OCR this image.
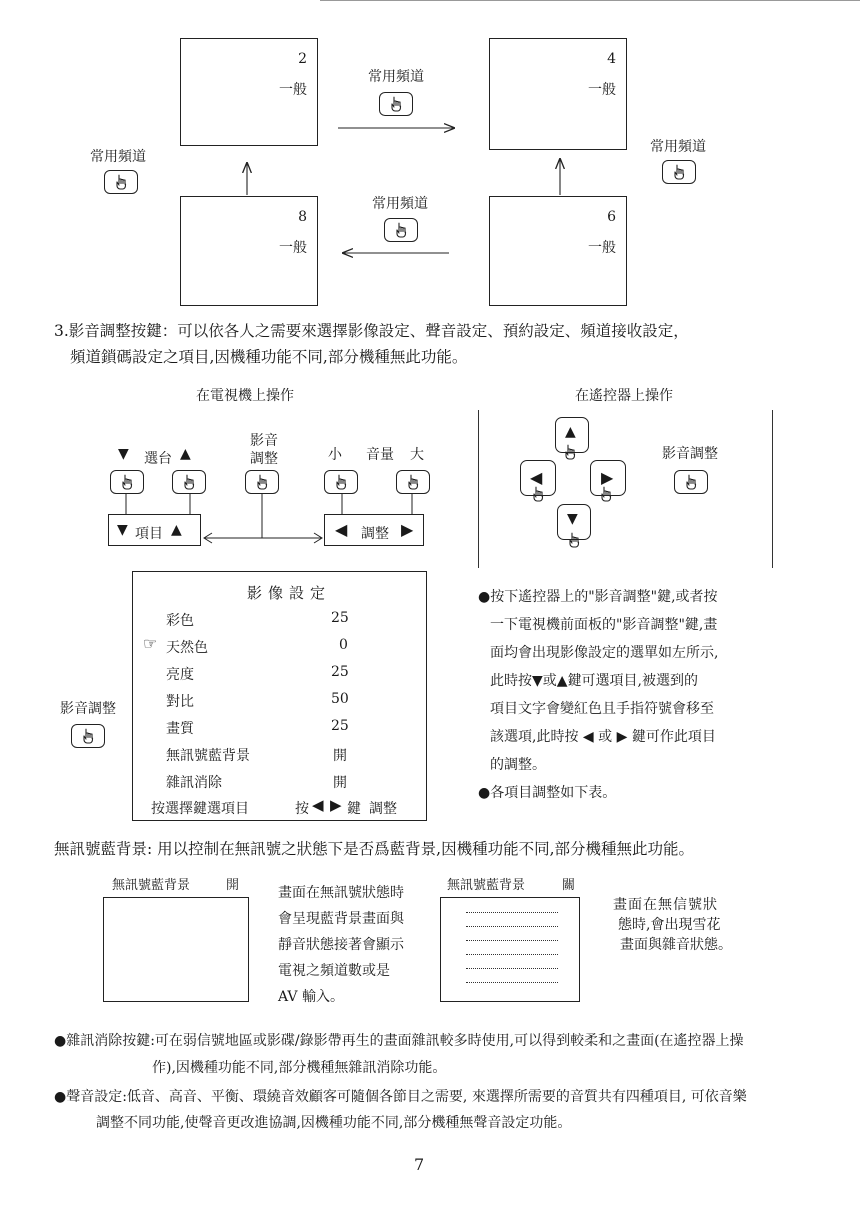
2
一般
4
一般
8
一般
6
一般
常用頻道
常用頻道
常用頻道
常用頻道
3.影音調整按鍵：可以依各人之需要來選擇影像設定、聲音設定、預約設定、頻道接收設定，
頻道鎖碼設定之項目,因機種功能不同,部分機種無此功能。
在電視機上操作
▼ 選台 ▲
影音
調整	小 音量 大
▼ 項目 ▲	◀ 調整 ▶
在遙控器上操作
▲
◀	▶
▼
影音調整
影像設定
彩色	25
☞ 天然色	0
亮度	25
對比	50
畫質	25
無訊號藍背景	開
雜訊消除	開
按選擇鍵選項目	按 ◀ ▶ 鍵 調整
影音調整
●按下遙控器上的"影音調整"鍵,或者按
一下電視機前面板的"影音調整"鍵,畫
面均會出現影像設定的選單如左所示,
此時按▼或▲鍵可選項目,被選到的
項目文字會變紅色且手指符號會移至
該選項,此時按 ◀ 或 ▶ 鍵可作此項目
的調整。
●各項目調整如下表。
無訊號藍背景: 用以控制在無訊號之狀態下是否爲藍背景,因機種功能不同,部分機種無此功能。
無訊號藍背景	開	畫面在無訊號狀態時
會呈現藍背景畫面與
靜音狀態接著會顯示
電視之頻道數或是
AV 輸入。
無訊號藍背景	關
畫面在無信號狀
態時,會出現雪花
畫面與雜音狀態。
●雜訊消除按鍵:可在弱信號地區或影碟/錄影帶再生的畫面雜訊較多時使用,可以得到較柔和之畫面(在遙控器上操
作),因機種功能不同,部分機種無雜訊消除功能。
●聲音設定:低音、高音、平衡、環繞音效顧客可隨個各節目之需要, 來選擇所需要的音質共有四種項目, 可依音樂
調整不同功能,使聲音更改進協調,因機種功能不同,部分機種無聲音設定功能。
7
